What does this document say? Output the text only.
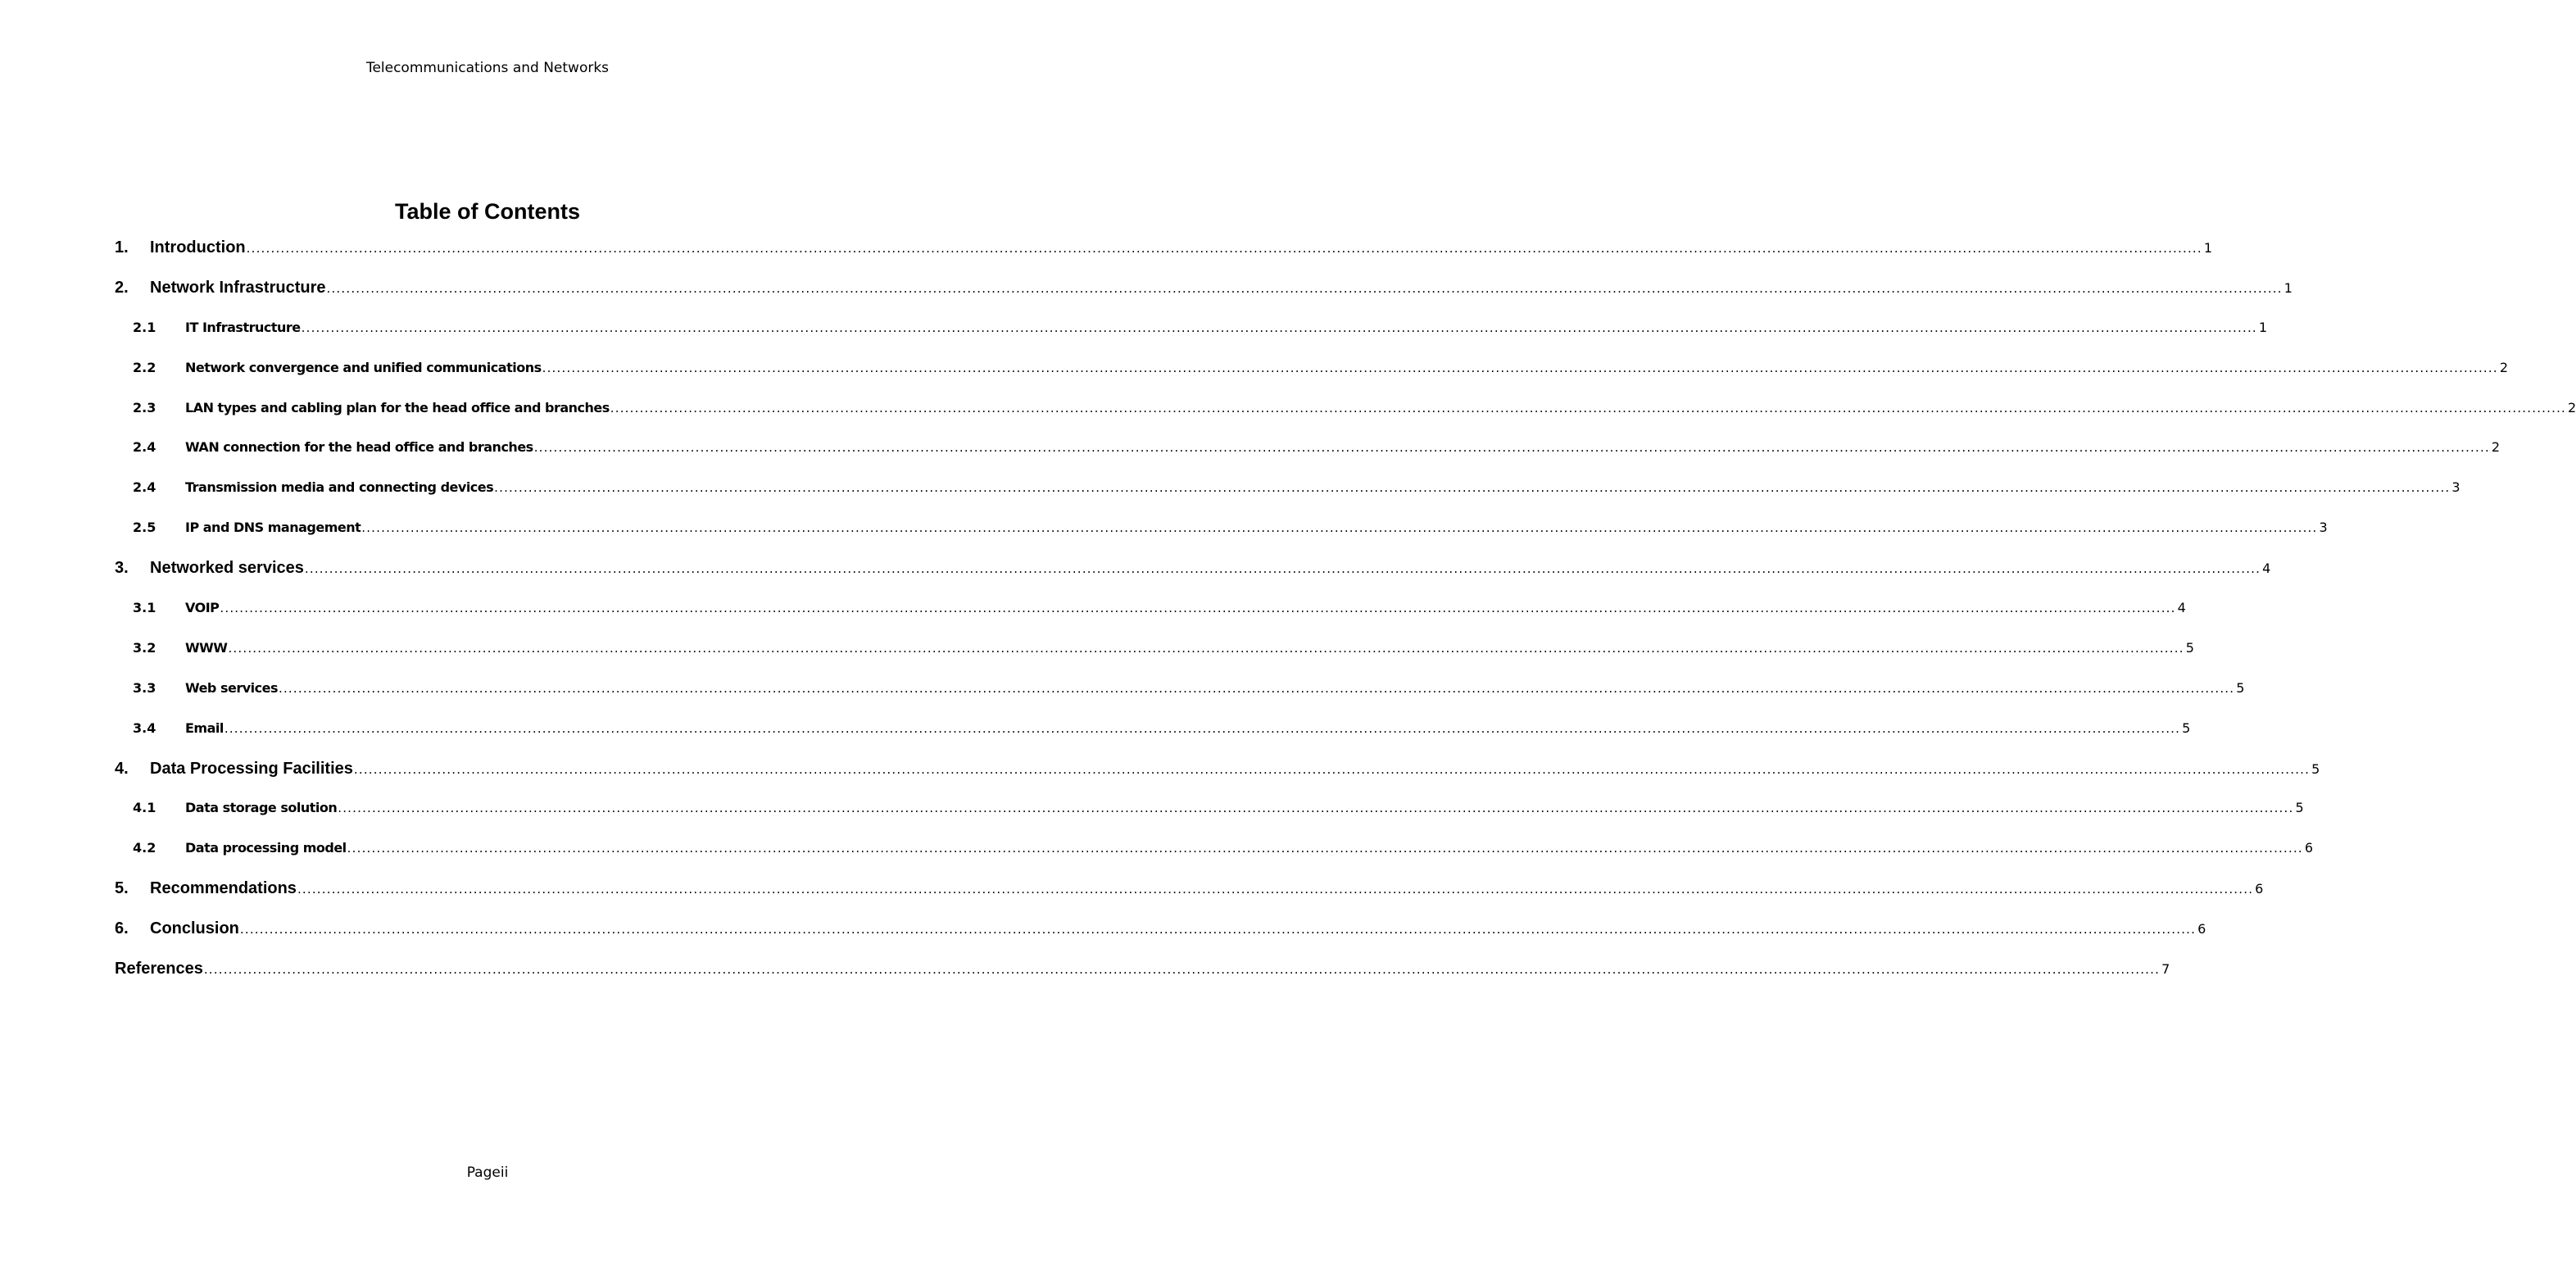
Telecommunications and Networks
Table of Contents
1.	Introduction ................................................................................................................................................................................................................................................................................................................................................................................................................ 1
2.	Network Infrastructure ................................................................................................................................................................................................................................................................................................................................................................................................................ 1
2.1	IT Infrastructure ................................................................................................................................................................................................................................................................................................................................................................................................................ 1
2.2	Network convergence and unified communications ................................................................................................................................................................................................................................................................................................................................................................................................................ 2
2.3	LAN types and cabling plan for the head office and branches ................................................................................................................................................................................................................................................................................................................................................................................................................ 2
2.4	WAN connection for the head office and branches ................................................................................................................................................................................................................................................................................................................................................................................................................ 2
2.4	Transmission media and connecting devices ................................................................................................................................................................................................................................................................................................................................................................................................................ 3
2.5	IP and DNS management ................................................................................................................................................................................................................................................................................................................................................................................................................ 3
3.	Networked services ................................................................................................................................................................................................................................................................................................................................................................................................................ 4
3.1	VOIP ................................................................................................................................................................................................................................................................................................................................................................................................................ 4
3.2	WWW ................................................................................................................................................................................................................................................................................................................................................................................................................ 5
3.3	Web services ................................................................................................................................................................................................................................................................................................................................................................................................................ 5
3.4	Email ................................................................................................................................................................................................................................................................................................................................................................................................................ 5
4.	Data Processing Facilities ................................................................................................................................................................................................................................................................................................................................................................................................................ 5
4.1	Data storage solution ................................................................................................................................................................................................................................................................................................................................................................................................................ 5
4.2	Data processing model ................................................................................................................................................................................................................................................................................................................................................................................................................ 6
5.	Recommendations ................................................................................................................................................................................................................................................................................................................................................................................................................ 6
6.	Conclusion ................................................................................................................................................................................................................................................................................................................................................................................................................ 6
References ................................................................................................................................................................................................................................................................................................................................................................................................................ 7
Pageii
